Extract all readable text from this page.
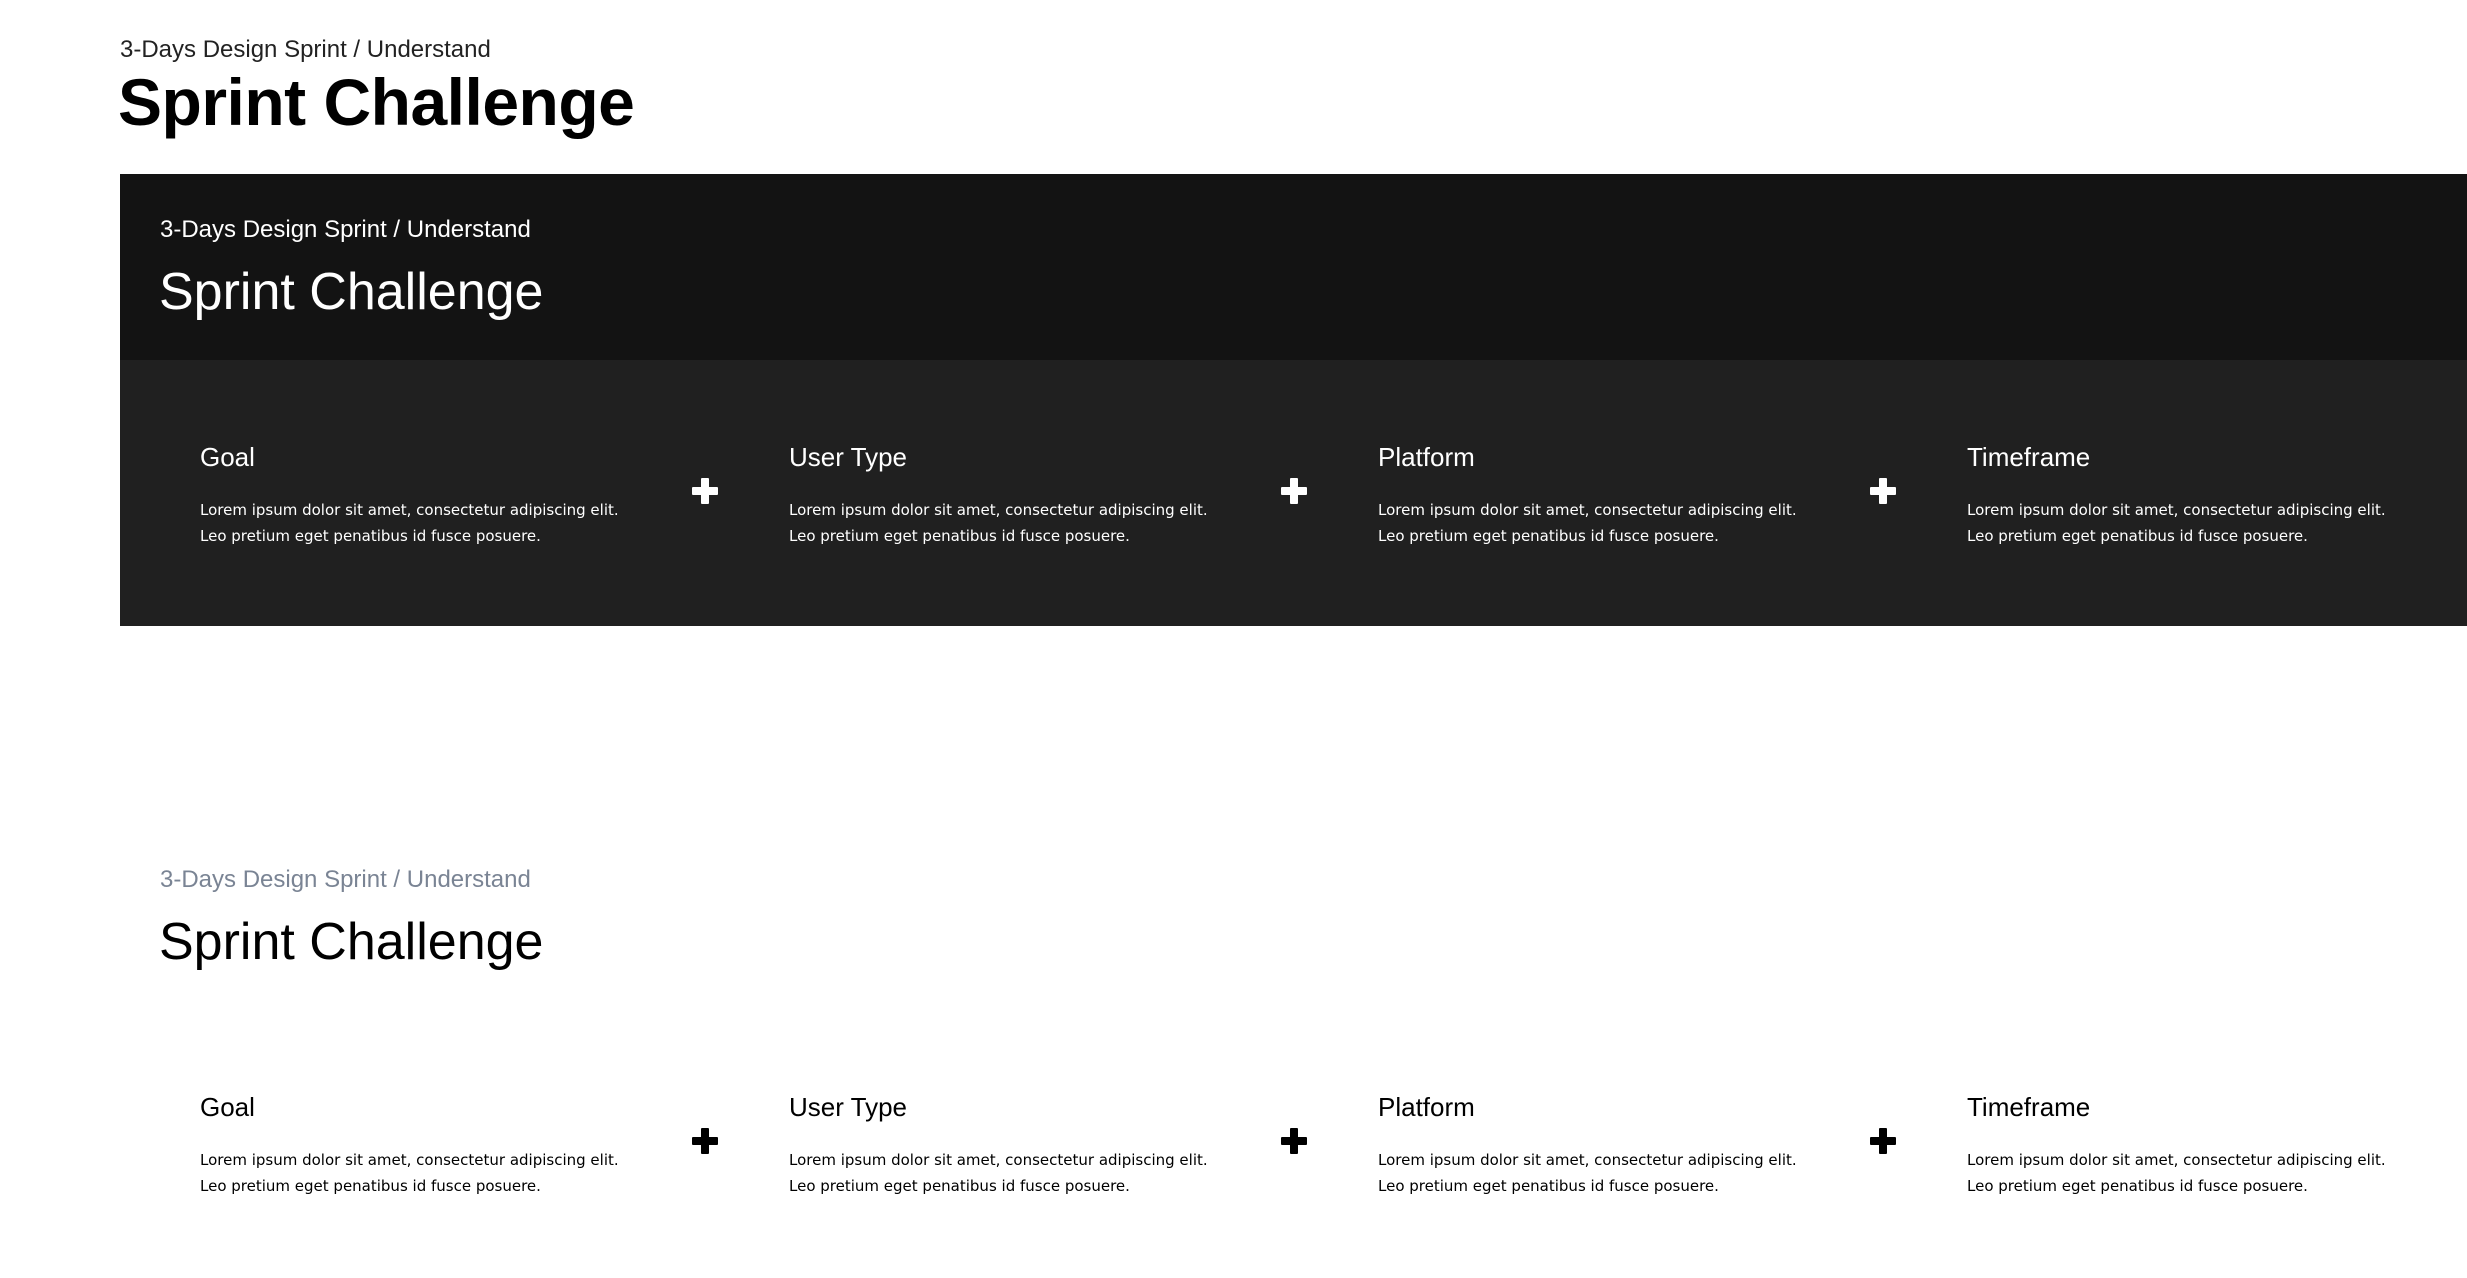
3-Days Design Sprint / Understand
Sprint Challenge
3-Days Design Sprint / Understand
Sprint Challenge
Goal
Lorem ipsum dolor sit amet, consectetur adipiscing elit. Leo pretium eget penatibus id fusce posuere.
User Type
Lorem ipsum dolor sit amet, consectetur adipiscing elit. Leo pretium eget penatibus id fusce posuere.
Platform
Lorem ipsum dolor sit amet, consectetur adipiscing elit. Leo pretium eget penatibus id fusce posuere.
Timeframe
Lorem ipsum dolor sit amet, consectetur adipiscing elit. Leo pretium eget penatibus id fusce posuere.
3-Days Design Sprint / Understand
Sprint Challenge
Goal
Lorem ipsum dolor sit amet, consectetur adipiscing elit. Leo pretium eget penatibus id fusce posuere.
User Type
Lorem ipsum dolor sit amet, consectetur adipiscing elit. Leo pretium eget penatibus id fusce posuere.
Platform
Lorem ipsum dolor sit amet, consectetur adipiscing elit. Leo pretium eget penatibus id fusce posuere.
Timeframe
Lorem ipsum dolor sit amet, consectetur adipiscing elit. Leo pretium eget penatibus id fusce posuere.
